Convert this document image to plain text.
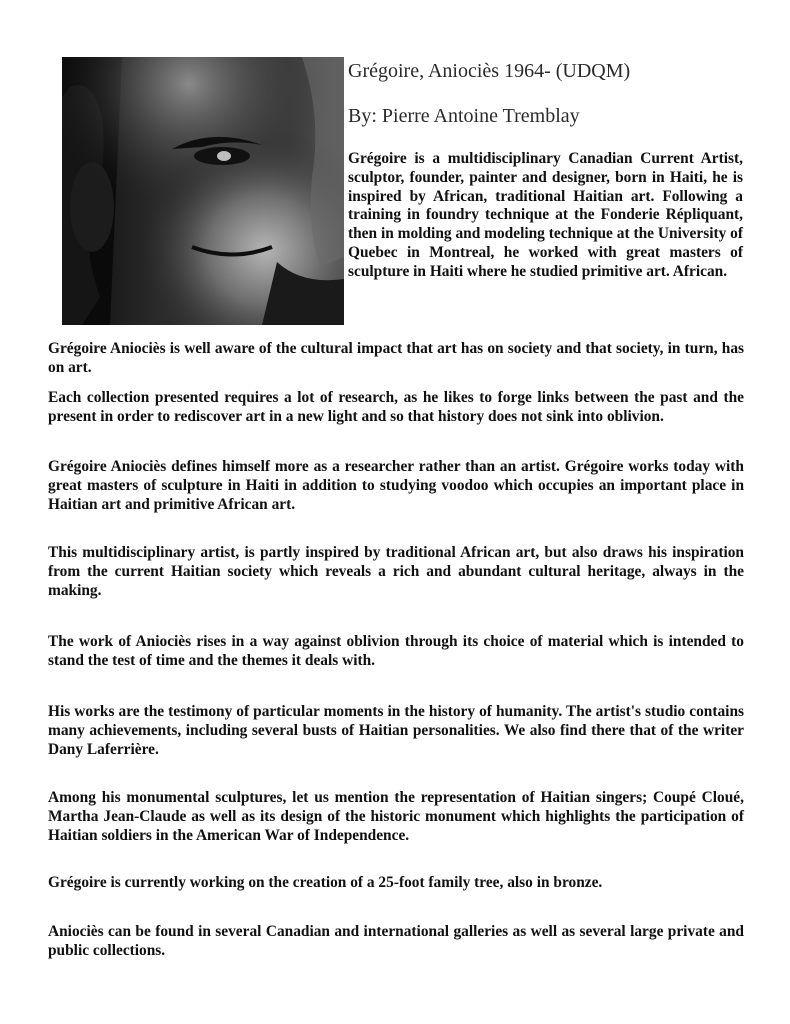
Grégoire, Aniociès 1964- (UDQM)
By: Pierre Antoine Tremblay

Grégoire is a multidisciplinary Canadian Current Artist, sculptor, founder, painter and designer, born in Haiti, he is inspired by African, traditional Haitian art. Following a training in foundry technique at the Fonderie Répliquant, then in molding and modeling technique at the University of Quebec in Montreal, he worked with great masters of sculpture in Haiti where he studied primitive art. African.

Grégoire Aniociès is well aware of the cultural impact that art has on society and that society, in turn, has on art.

Each collection presented requires a lot of research, as he likes to forge links between the past and the present in order to rediscover art in a new light and so that history does not sink into oblivion.

Grégoire Aniociès defines himself more as a researcher rather than an artist. Grégoire works today with great masters of sculpture in Haiti in addition to studying voodoo which occupies an important place in Haitian art and primitive African art.

This multidisciplinary artist, is partly inspired by traditional African art, but also draws his inspiration from the current Haitian society which reveals a rich and abundant cultural heritage, always in the making.

The work of Aniociès rises in a way against oblivion through its choice of material which is intended to stand the test of time and the themes it deals with.

His works are the testimony of particular moments in the history of humanity. The artist's studio contains many achievements, including several busts of Haitian personalities. We also find there that of the writer Dany Laferrière.

Among his monumental sculptures, let us mention the representation of Haitian singers; Coupé Cloué, Martha Jean-Claude as well as its design of the historic monument which highlights the participation of Haitian soldiers in the American War of Independence.

Grégoire is currently working on the creation of a 25-foot family tree, also in bronze.

Aniociès can be found in several Canadian and international galleries as well as several large private and public collections.
